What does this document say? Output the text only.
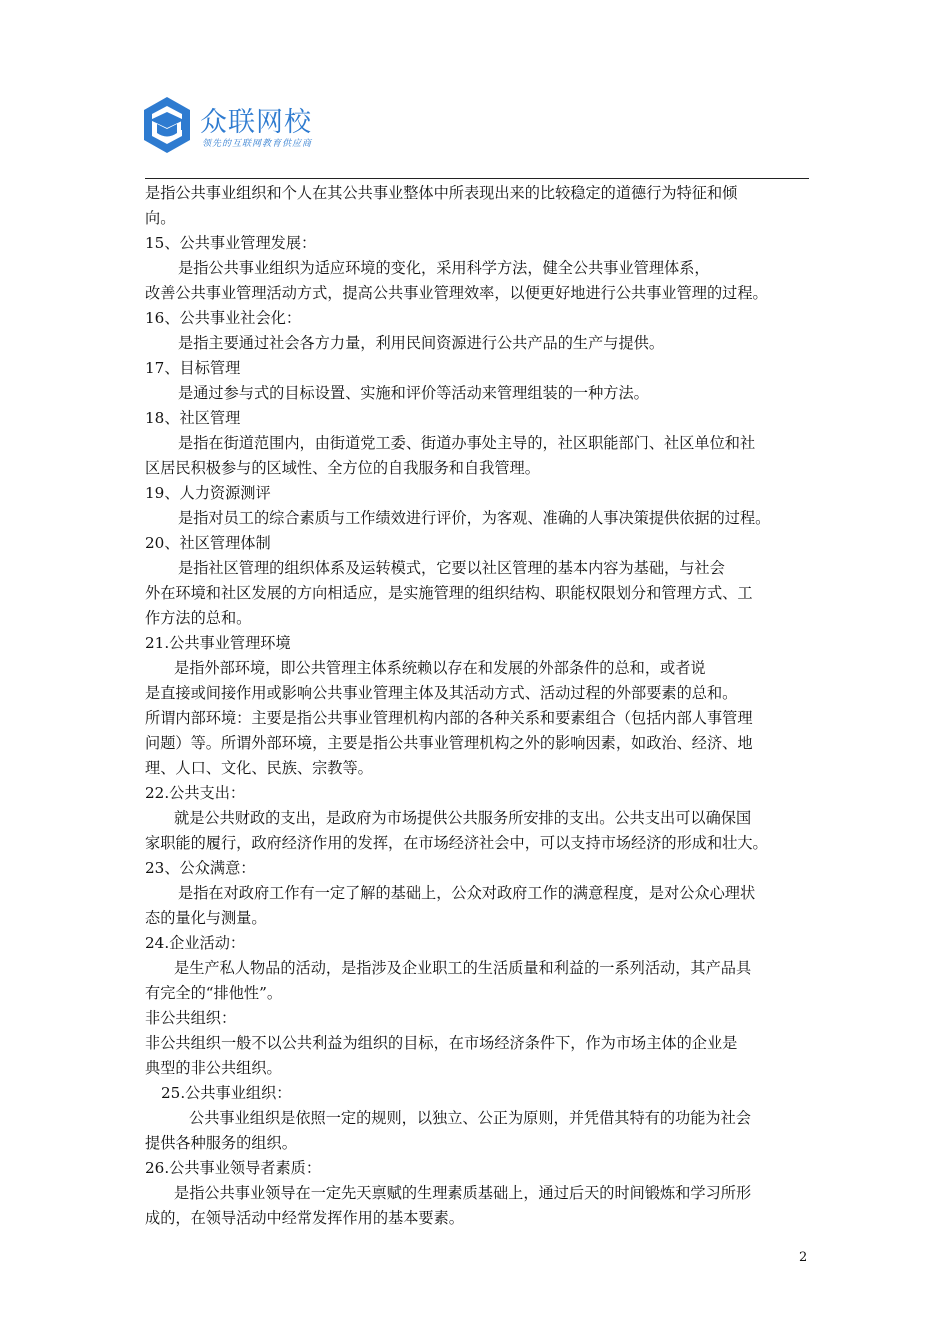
众联网校
领先的互联网教育供应商
是指公共事业组织和个人在其公共事业整体中所表现出来的比较稳定的道德行为特征和倾
向。
15、公共事业管理发展：
是指公共事业组织为适应环境的变化，采用科学方法，健全公共事业管理体系，
改善公共事业管理活动方式，提高公共事业管理效率，以便更好地进行公共事业管理的过程。
16、公共事业社会化：
是指主要通过社会各方力量，利用民间资源进行公共产品的生产与提供。
17、目标管理
是通过参与式的目标设置、实施和评价等活动来管理组装的一种方法。
18、社区管理
是指在街道范围内，由街道党工委、街道办事处主导的，社区职能部门、社区单位和社
区居民积极参与的区域性、全方位的自我服务和自我管理。
19、人力资源测评
是指对员工的综合素质与工作绩效进行评价，为客观、准确的人事决策提供依据的过程。
20、社区管理体制
是指社区管理的组织体系及运转模式，它要以社区管理的基本内容为基础，与社会
外在环境和社区发展的方向相适应，是实施管理的组织结构、职能权限划分和管理方式、工
作方法的总和。
21.公共事业管理环境
是指外部环境，即公共管理主体系统赖以存在和发展的外部条件的总和，或者说
是直接或间接作用或影响公共事业管理主体及其活动方式、活动过程的外部要素的总和。
所谓内部环境：主要是指公共事业管理机构内部的各种关系和要素组合（包括内部人事管理
问题）等。所谓外部环境，主要是指公共事业管理机构之外的影响因素，如政治、经济、地
理、人口、文化、民族、宗教等。
22.公共支出：
就是公共财政的支出，是政府为市场提供公共服务所安排的支出。公共支出可以确保国
家职能的履行，政府经济作用的发挥，在市场经济社会中，可以支持市场经济的形成和壮大。
23、公众满意：
是指在对政府工作有一定了解的基础上，公众对政府工作的满意程度，是对公众心理状
态的量化与测量。
24.企业活动：
是生产私人物品的活动，是指涉及企业职工的生活质量和利益的一系列活动，其产品具
有完全的“排他性”。
非公共组织：
非公共组织一般不以公共利益为组织的目标，在市场经济条件下，作为市场主体的企业是
典型的非公共组织。
25.公共事业组织：
公共事业组织是依照一定的规则，以独立、公正为原则，并凭借其特有的功能为社会
提供各种服务的组织。
26.公共事业领导者素质：
是指公共事业领导在一定先天禀赋的生理素质基础上，通过后天的时间锻炼和学习所形
成的，在领导活动中经常发挥作用的基本要素。
2
